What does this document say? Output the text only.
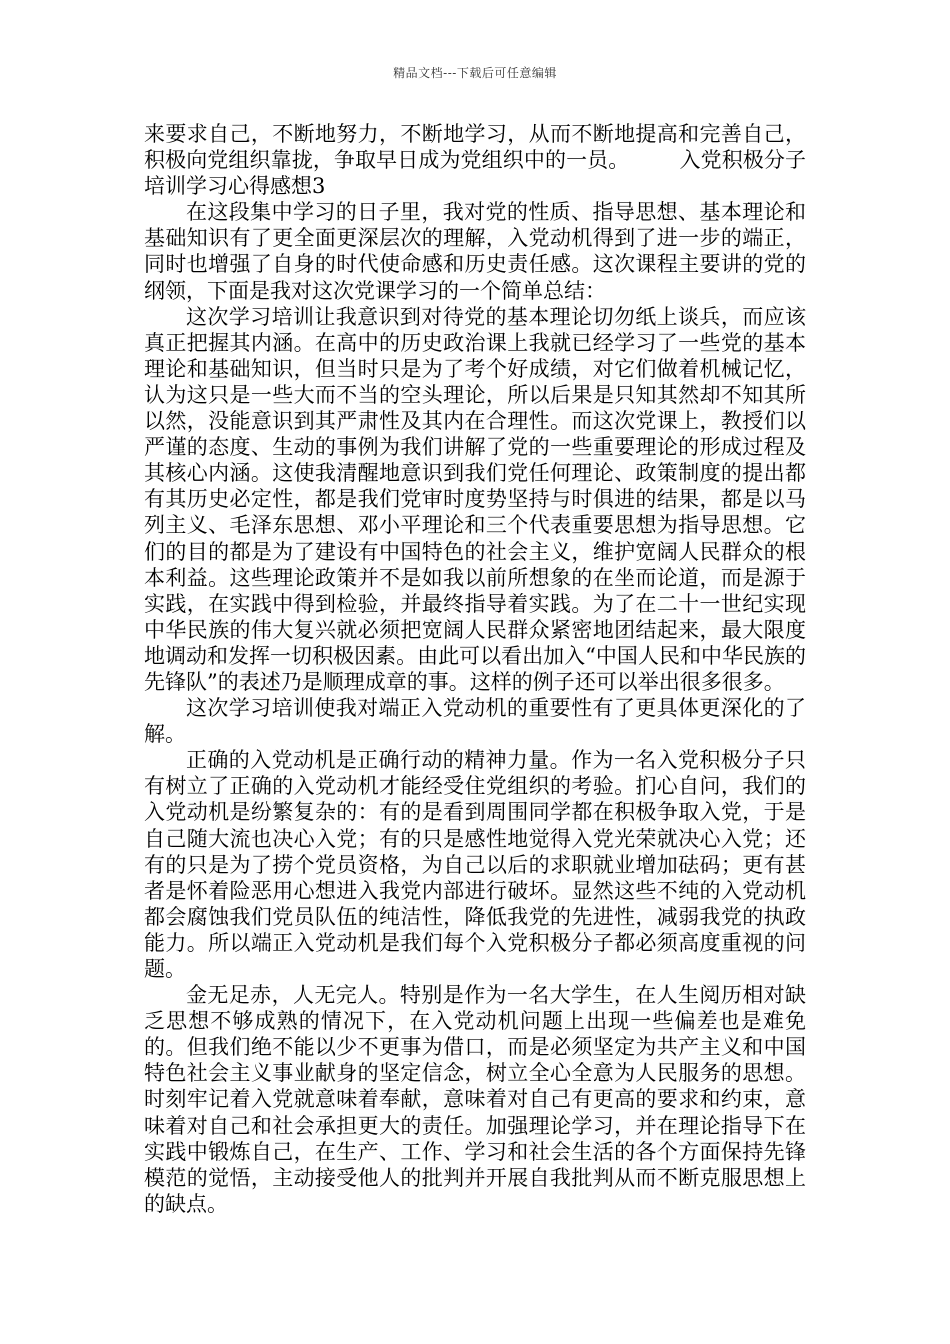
精品文档---下载后可任意编辑

来要求自己，不断地努力，不断地学习，从而不断地提高和完善自己，积极向党组织靠拢，争取早日成为党组织中的一员。 入党积极分子培训学习心得感想3

在这段集中学习的日子里，我对党的性质、指导思想、基本理论和基础知识有了更全面更深层次的理解，入党动机得到了进一步的端正，同时也增强了自身的时代使命感和历史责任感。这次课程主要讲的党的纲领，下面是我对这次党课学习的一个简单总结：

这次学习培训让我意识到对待党的基本理论切勿纸上谈兵，而应该真正把握其内涵。在高中的历史政治课上我就已经学习了一些党的基本理论和基础知识，但当时只是为了考个好成绩，对它们做着机械记忆，认为这只是一些大而不当的空头理论，所以后果是只知其然却不知其所以然，没能意识到其严肃性及其内在合理性。而这次党课上，教授们以严谨的态度、生动的事例为我们讲解了党的一些重要理论的形成过程及其核心内涵。这使我清醒地意识到我们党任何理论、政策制度的提出都有其历史必定性，都是我们党审时度势坚持与时俱进的结果，都是以马列主义、毛泽东思想、邓小平理论和三个代表重要思想为指导思想。它们的目的都是为了建设有中国特色的社会主义，维护宽阔人民群众的根本利益。这些理论政策并不是如我以前所想象的在坐而论道，而是源于实践，在实践中得到检验，并最终指导着实践。为了在二十一世纪实现中华民族的伟大复兴就必须把宽阔人民群众紧密地团结起来，最大限度地调动和发挥一切积极因素。由此可以看出加入“中国人民和中华民族的先锋队”的表述乃是顺理成章的事。这样的例子还可以举出很多很多。

这次学习培训使我对端正入党动机的重要性有了更具体更深化的了解。

正确的入党动机是正确行动的精神力量。作为一名入党积极分子只有树立了正确的入党动机才能经受住党组织的考验。扪心自问，我们的入党动机是纷繁复杂的：有的是看到周围同学都在积极争取入党，于是自己随大流也决心入党；有的只是感性地觉得入党光荣就决心入党；还有的只是为了捞个党员资格，为自己以后的求职就业增加砝码；更有甚者是怀着险恶用心想进入我党内部进行破坏。显然这些不纯的入党动机都会腐蚀我们党员队伍的纯洁性，降低我党的先进性，减弱我党的执政能力。所以端正入党动机是我们每个入党积极分子都必须高度重视的问题。

金无足赤，人无完人。特别是作为一名大学生，在人生阅历相对缺乏思想不够成熟的情况下，在入党动机问题上出现一些偏差也是难免的。但我们绝不能以少不更事为借口，而是必须坚定为共产主义和中国特色社会主义事业献身的坚定信念，树立全心全意为人民服务的思想。时刻牢记着入党就意味着奉献，意味着对自己有更高的要求和约束，意味着对自己和社会承担更大的责任。加强理论学习，并在理论指导下在实践中锻炼自己，在生产、工作、学习和社会生活的各个方面保持先锋模范的觉悟，主动接受他人的批判并开展自我批判从而不断克服思想上的缺点。
